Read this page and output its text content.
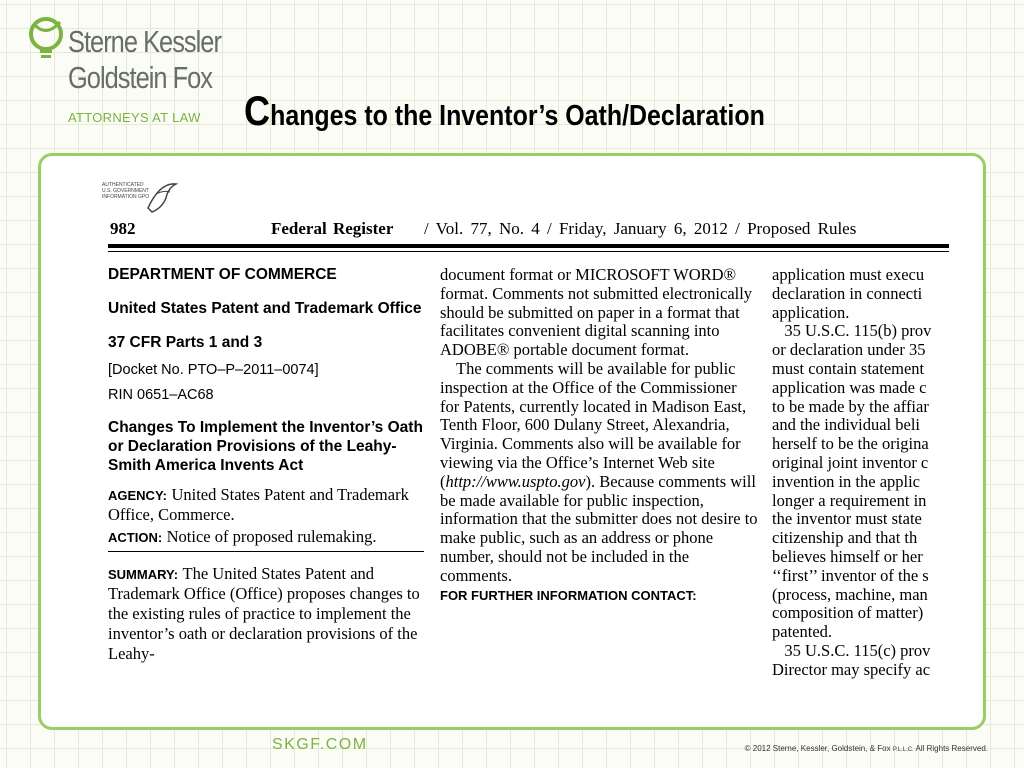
Sterne Kessler
Goldstein Fox
ATTORNEYS AT LAW Changes to the Inventor’s Oath/Declaration
AUTHENTICATED U.S. GOVERNMENT INFORMATION GPO
982	Federal Register / Vol. 77, No. 4 / Friday, January 6, 2012 / Proposed Rules
DEPARTMENT OF COMMERCE
United States Patent and Trademark Office
37 CFR Parts 1 and 3
[Docket No. PTO–P–2011–0074]
RIN 0651–AC68
Changes To Implement the Inventor’s Oath or Declaration Provisions of the Leahy-Smith America Invents Act
AGENCY: United States Patent and Trademark Office, Commerce.
ACTION: Notice of proposed rulemaking.
SUMMARY: The United States Patent and Trademark Office (Office) proposes changes to the existing rules of practice to implement the inventor’s oath or declaration provisions of the Leahy-
document format or MICROSOFT WORD® format. Comments not submitted electronically should be submitted on paper in a format that facilitates convenient digital scanning into ADOBE® portable document format.
The comments will be available for public inspection at the Office of the Commissioner for Patents, currently located in Madison East, Tenth Floor, 600 Dulany Street, Alexandria, Virginia. Comments also will be available for viewing via the Office’s Internet Web site (http://www.uspto.gov). Because comments will be made available for public inspection, information that the submitter does not desire to make public, such as an address or phone number, should not be included in the comments.
FOR FURTHER INFORMATION CONTACT:
application must execu
declaration in connecti
application.
35 U.S.C. 115(b) prov
or declaration under 35
must contain statement
application was made c
to be made by the affiar
and the individual beli
herself to be the origina
original joint inventor c
invention in the applic
longer a requirement in
the inventor must state
citizenship and that th
believes himself or her
‘‘first’’ inventor of the s
(process, machine, man
composition of matter)
patented.
35 U.S.C. 115(c) prov
Director may specify ac
SKGF.COM	© 2012 Sterne, Kessler, Goldstein, & Fox P.L.L.C. All Rights Reserved.
